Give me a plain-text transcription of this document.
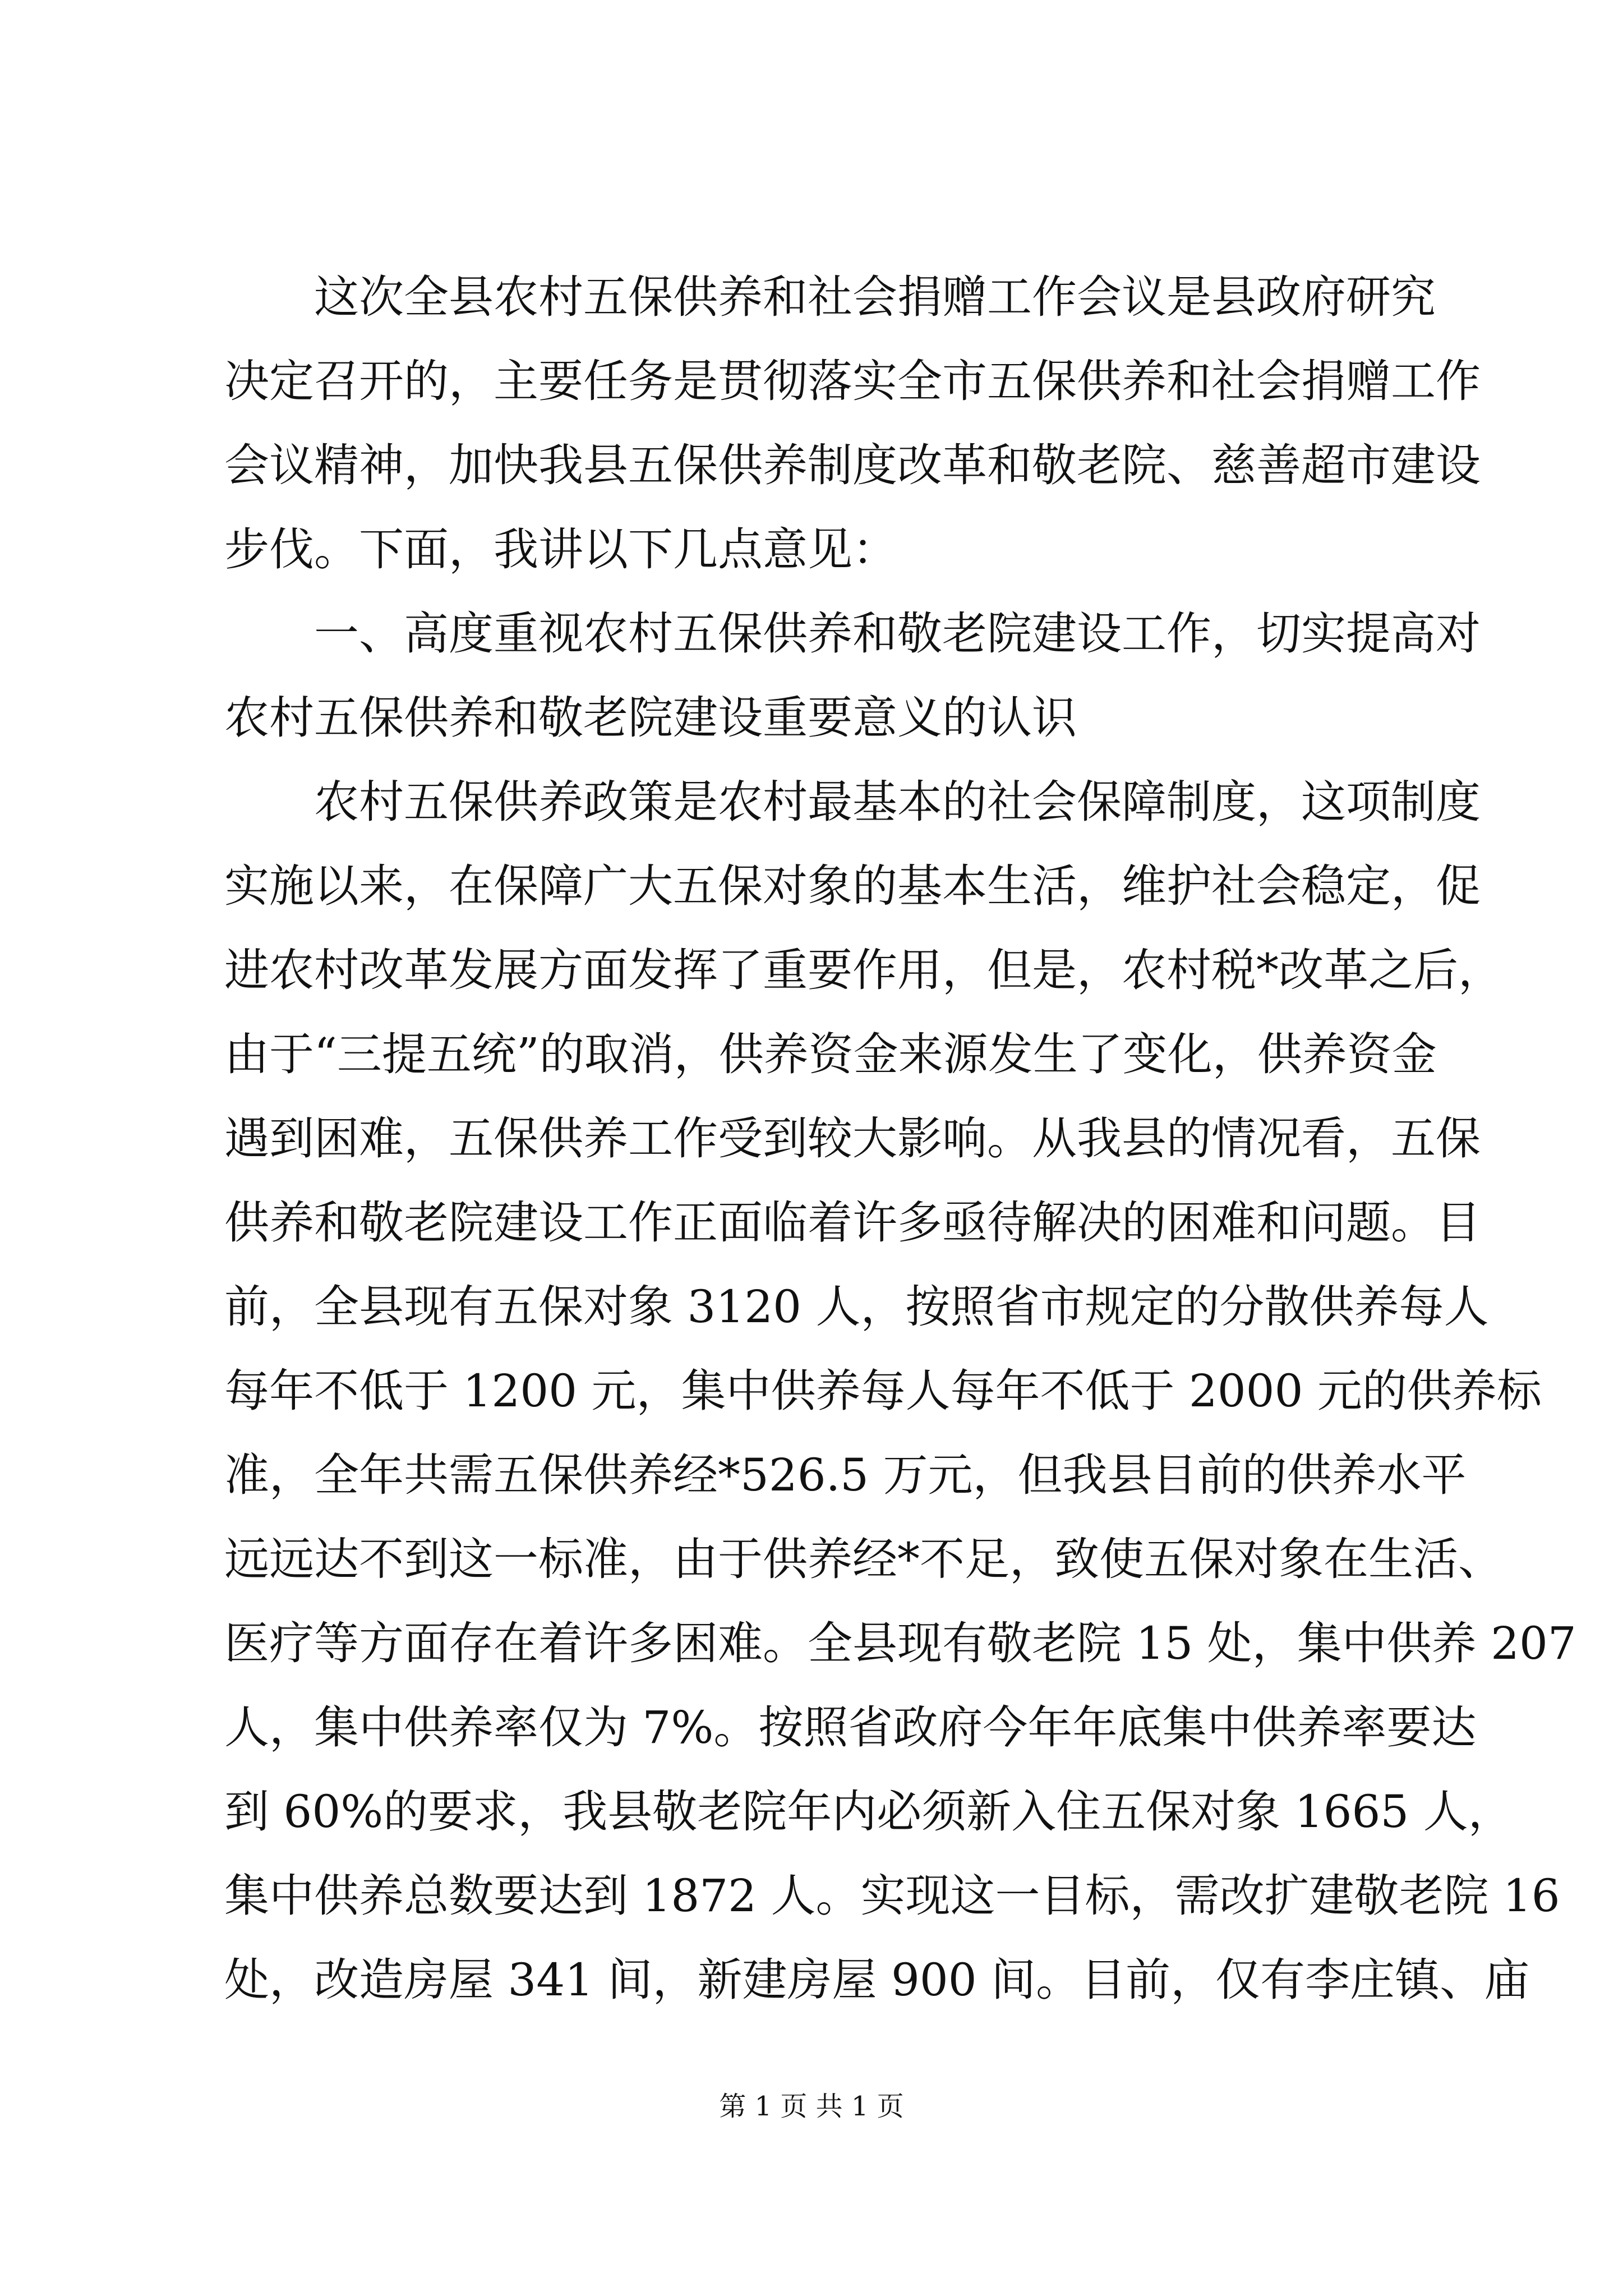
这次全县农村五保供养和社会捐赠工作会议是县政府研究
决定召开的，主要任务是贯彻落实全市五保供养和社会捐赠工作
会议精神，加快我县五保供养制度改革和敬老院、慈善超市建设
步伐。下面，我讲以下几点意见：
一、高度重视农村五保供养和敬老院建设工作，切实提高对
农村五保供养和敬老院建设重要意义的认识
农村五保供养政策是农村最基本的社会保障制度，这项制度
实施以来，在保障广大五保对象的基本生活，维护社会稳定，促
进农村改革发展方面发挥了重要作用，但是，农村税*改革之后，
由于“三提五统”的取消，供养资金来源发生了变化，供养资金
遇到困难，五保供养工作受到较大影响。从我县的情况看，五保
供养和敬老院建设工作正面临着许多亟待解决的困难和问题。目
前，全县现有五保对象 3120 人，按照省市规定的分散供养每人
每年不低于 1200 元，集中供养每人每年不低于 2000 元的供养标
准，全年共需五保供养经*526.5 万元，但我县目前的供养水平
远远达不到这一标准，由于供养经*不足，致使五保对象在生活、
医疗等方面存在着许多困难。全县现有敬老院 15 处，集中供养 207
人，集中供养率仅为 7%。按照省政府今年年底集中供养率要达
到 60%的要求，我县敬老院年内必须新入住五保对象 1665 人，
集中供养总数要达到 1872 人。实现这一目标，需改扩建敬老院 16
处，改造房屋 341 间，新建房屋 900 间。目前，仅有李庄镇、庙
第 1 页 共 1 页
